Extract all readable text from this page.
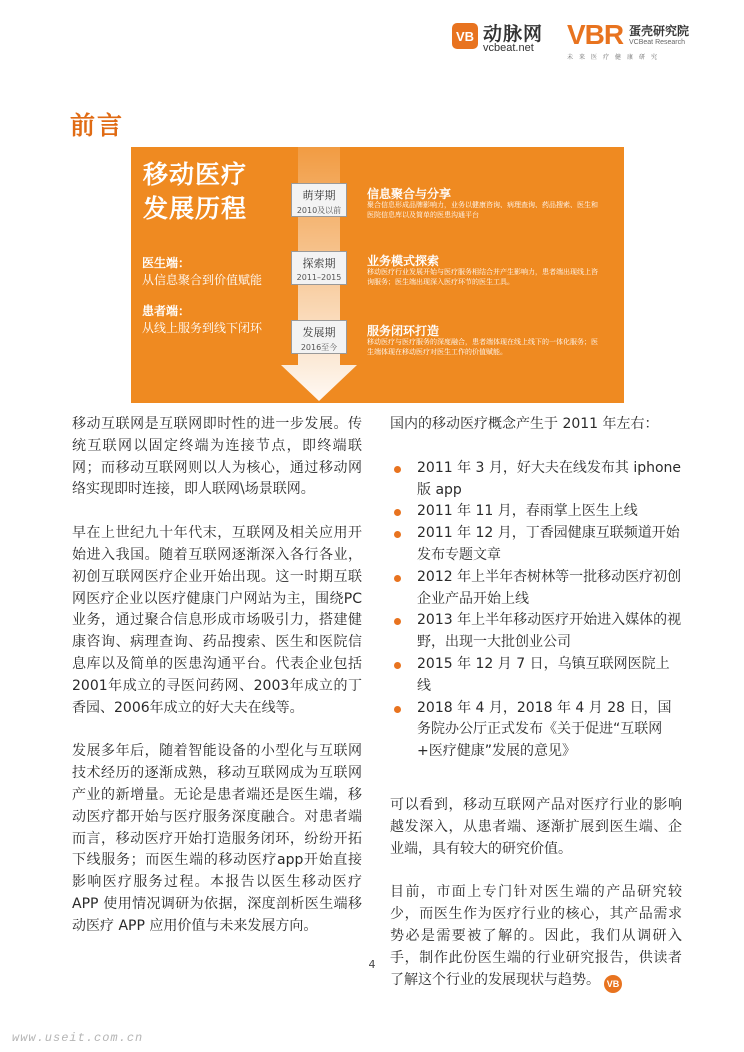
VB 动脉网
vcbeat.net VBR 蛋壳研究院
VCBeat Research
未来医疗健康研究
前言
移动医疗
发展历程
医生端：
从信息聚合到价值赋能
患者端：
从线上服务到线下闭环
萌芽期
2010及以前
探索期
2011–2015
发展期
2016至今
信息聚合与分享
聚合信息形成品牌影响力，业务以健康咨询、病理查询、药品搜索、医生和医院信息库以及简单的医患沟通平台
业务模式探索
移动医疗行业发展开始与医疗服务相结合并产生影响力，患者端出现线上咨询服务；医生端出现深入医疗环节的医生工具。
服务闭环打造
移动医疗与医疗服务的深度融合，患者端体现在线上线下的一体化服务；医生端体现在移动医疗对医生工作的价值赋能。

移动互联网是互联网即时性的进一步发展。传统互联网以固定终端为连接节点，即终端联网；而移动互联网则以人为核心，通过移动网络实现即时连接，即人联网\场景联网。

早在上世纪九十年代末，互联网及相关应用开始进入我国。随着互联网逐渐深入各行各业，初创互联网医疗企业开始出现。这一时期互联网医疗企业以医疗健康门户网站为主，围绕PC业务，通过聚合信息形成市场吸引力，搭建健康咨询、病理查询、药品搜索、医生和医院信息库以及简单的医患沟通平台。代表企业包括2001年成立的寻医问药网、2003年成立的丁香园、2006年成立的好大夫在线等。

发展多年后，随着智能设备的小型化与互联网技术经历的逐渐成熟，移动互联网成为互联网产业的新增量。无论是患者端还是医生端，移动医疗都开始与医疗服务深度融合。对患者端而言，移动医疗开始打造服务闭环，纷纷开拓下线服务；而医生端的移动医疗app开始直接影响医疗服务过程。本报告以医生移动医疗 APP 使用情况调研为依据，深度剖析医生端移动医疗 APP 应用价值与未来发展方向。

国内的移动医疗概念产生于 2011 年左右：

2011 年 3 月，好大夫在线发布其 iphone 版 app
2011 年 11 月，春雨掌上医生上线
2011 年 12 月，丁香园健康互联频道开始发布专题文章
2012 年上半年杏树林等一批移动医疗初创企业产品开始上线
2013 年上半年移动医疗开始进入媒体的视野，出现一大批创业公司
2015 年 12 月 7 日，乌镇互联网医院上线
2018 年 4 月，2018 年 4 月 28 日，国务院办公厅正式发布《关于促进“互联网+医疗健康”发展的意见》

可以看到，移动互联网产品对医疗行业的影响越发深入，从患者端、逐渐扩展到医生端、企业端，具有较大的研究价值。

目前，市面上专门针对医生端的产品研究较少，而医生作为医疗行业的核心，其产品需求势必是需要被了解的。因此，我们从调研入手，制作此份医生端的行业研究报告，供读者了解这个行业的发展现状与趋势。 VB

4
www.useit.com.cn
